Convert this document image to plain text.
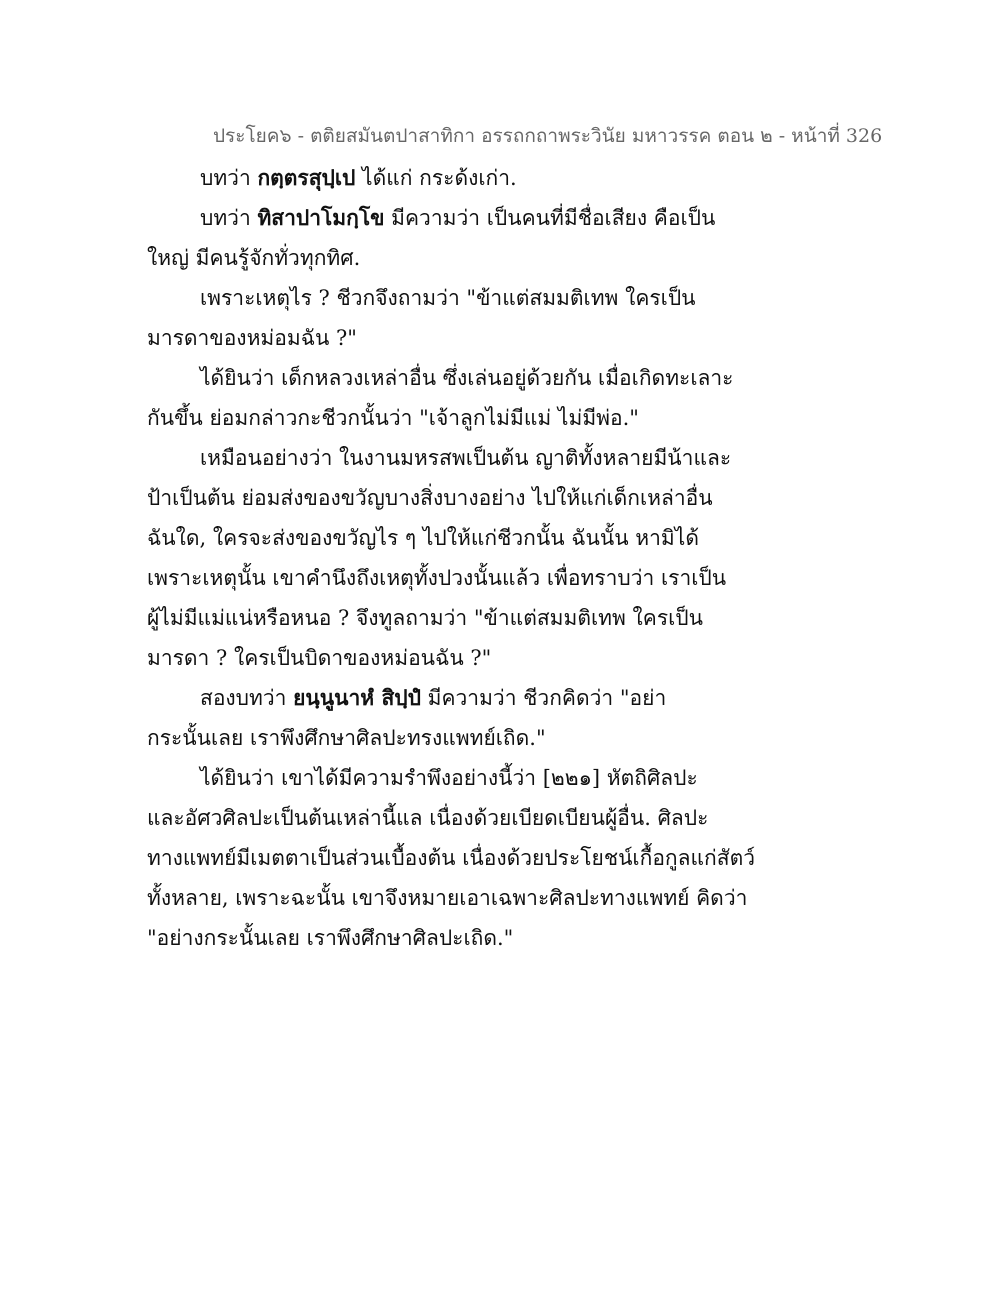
ประโยค๖ - ตติยสมันตปาสาทิกา อรรถกถาพระวินัย มหาวรรค ตอน ๒ - หน้าที่ 326

บทว่า กตฺตรสุปฺเป ได้แก่ กระด้งเก่า.

บทว่า ทิสาปาโมกฺโข มีความว่า เป็นคนที่มีชื่อเสียง คือเป็น
ใหญ่ มีคนรู้จักทั่วทุกทิศ.

เพราะเหตุไร ? ชีวกจึงถามว่า "ข้าแต่สมมติเทพ ใครเป็น
มารดาของหม่อมฉัน ?"

ได้ยินว่า เด็กหลวงเหล่าอื่น ซึ่งเล่นอยู่ด้วยกัน เมื่อเกิดทะเลาะ
กันขึ้น ย่อมกล่าวกะชีวกนั้นว่า "เจ้าลูกไม่มีแม่ ไม่มีพ่อ."

เหมือนอย่างว่า ในงานมหรสพเป็นต้น ญาติทั้งหลายมีน้าและ
ป้าเป็นต้น ย่อมส่งของขวัญบางสิ่งบางอย่าง ไปให้แก่เด็กเหล่าอื่น
ฉันใด, ใครจะส่งของขวัญไร ๆ ไปให้แก่ชีวกนั้น ฉันนั้น หามิได้
เพราะเหตุนั้น เขาคำนึงถึงเหตุทั้งปวงนั้นแล้ว เพื่อทราบว่า เราเป็น
ผู้ไม่มีแม่แน่หรือหนอ ? จึงทูลถามว่า "ข้าแต่สมมติเทพ ใครเป็น
มารดา ? ใครเป็นบิดาของหม่อนฉัน ?"

สองบทว่า ยนฺนูนาหํ สิปฺปํ มีความว่า ชีวกคิดว่า "อย่า
กระนั้นเลย เราพึงศึกษาศิลปะทรงแพทย์เถิด."

ได้ยินว่า เขาได้มีความรำพึงอย่างนี้ว่า [๒๒๑] หัตถิศิลปะ
และอัศวศิลปะเป็นต้นเหล่านี้แล เนื่องด้วยเบียดเบียนผู้อื่น. ศิลปะ
ทางแพทย์มีเมตตาเป็นส่วนเบื้องต้น เนื่องด้วยประโยชน์เกื้อกูลแก่สัตว์
ทั้งหลาย, เพราะฉะนั้น เขาจึงหมายเอาเฉพาะศิลปะทางแพทย์ คิดว่า
"อย่างกระนั้นเลย เราพึงศึกษาศิลปะเถิด."
